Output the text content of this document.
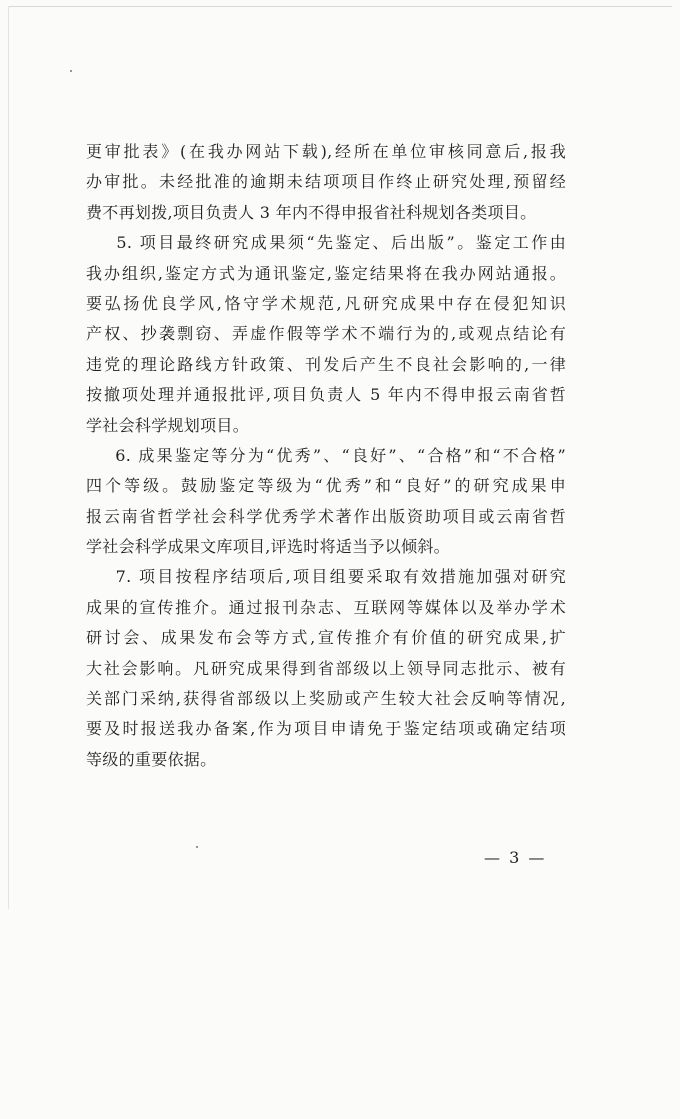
更审批表》(在我办网站下载),经所在单位审核同意后,报我
办审批。未经批准的逾期未结项项目作终止研究处理,预留经
费不再划拨,项目负责人 3 年内不得申报省社科规划各类项目。
5. 项目最终研究成果须“先鉴定、后出版”。鉴定工作由
我办组织,鉴定方式为通讯鉴定,鉴定结果将在我办网站通报。
要弘扬优良学风,恪守学术规范,凡研究成果中存在侵犯知识
产权、抄袭剽窃、弄虚作假等学术不端行为的,或观点结论有
违党的理论路线方针政策、刊发后产生不良社会影响的,一律
按撤项处理并通报批评,项目负责人 5 年内不得申报云南省哲
学社会科学规划项目。
6. 成果鉴定等分为“优秀”、“良好”、“合格”和“不合格”
四个等级。鼓励鉴定等级为“优秀”和“良好”的研究成果申
报云南省哲学社会科学优秀学术著作出版资助项目或云南省哲
学社会科学成果文库项目,评选时将适当予以倾斜。
7. 项目按程序结项后,项目组要采取有效措施加强对研究
成果的宣传推介。通过报刊杂志、互联网等媒体以及举办学术
研讨会、成果发布会等方式,宣传推介有价值的研究成果,扩
大社会影响。凡研究成果得到省部级以上领导同志批示、被有
关部门采纳,获得省部级以上奖励或产生较大社会反响等情况,
要及时报送我办备案,作为项目申请免于鉴定结项或确定结项
等级的重要依据。
— 3 —
